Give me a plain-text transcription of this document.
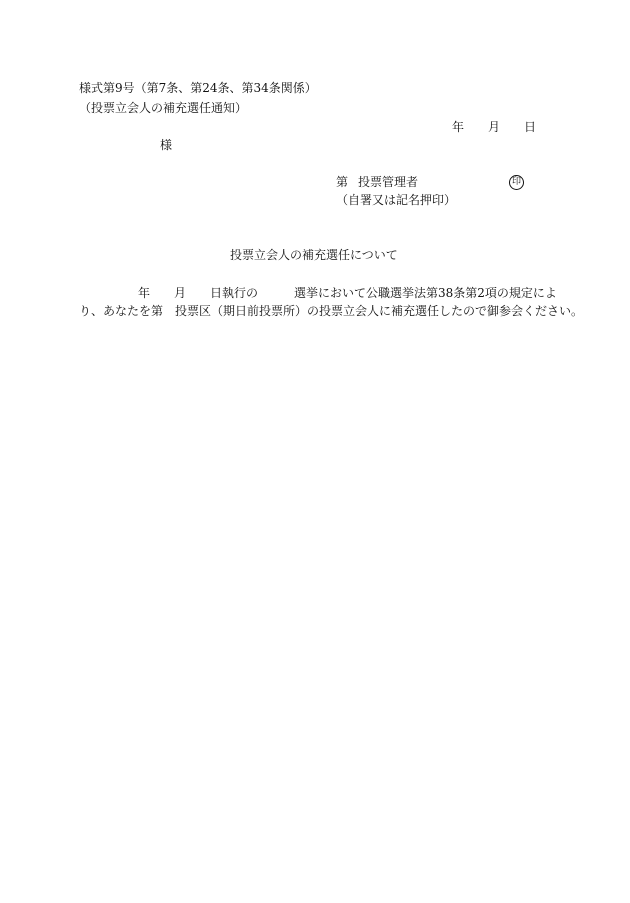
様式第9号（第7条、第24条、第34条関係）
（投票立会人の補充選任通知）
年 月 日
様
第 投票管理者	印
（自署又は記名押印）
投票立会人の補充選任について
年 月 日執行の	選挙において公職選挙法第38条第2項の規定によ
り、あなたを第　投票区（期日前投票所）の投票立会人に補充選任したので御参会ください。
